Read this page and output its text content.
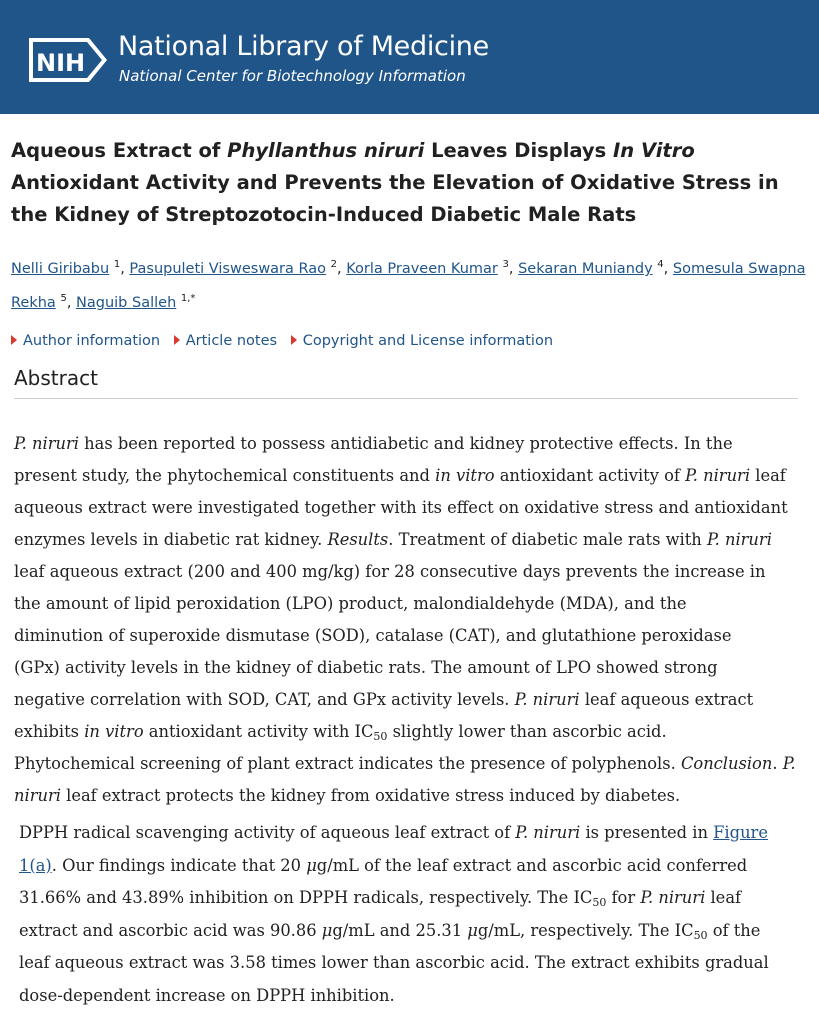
NIH
National Library of Medicine
National Center for Biotechnology Information
Aqueous Extract of Phyllanthus niruri Leaves Displays In Vitro Antioxidant Activity and Prevents the Elevation of Oxidative Stress in the Kidney of Streptozotocin-Induced Diabetic Male Rats
Nelli Giribabu $^1$, Pasupuleti Visweswara Rao $^2$, Korla Praveen Kumar $^3$, Sekaran Muniandy $^4$, Somesula Swapna
Rekha $^5$, Naguib Salleh $^{1,*}$
Author information Article notes Copyright and License information
Abstract
P. niruri has been reported to possess antidiabetic and kidney protective effects. In the
present study, the phytochemical constituents and in vitro antioxidant activity of P. niruri leaf
aqueous extract were investigated together with its effect on oxidative stress and antioxidant
enzymes levels in diabetic rat kidney. Results. Treatment of diabetic male rats with P. niruri
leaf aqueous extract (200 and 400 mg/kg) for 28 consecutive days prevents the increase in
the amount of lipid peroxidation (LPO) product, malondialdehyde (MDA), and the
diminution of superoxide dismutase (SOD), catalase (CAT), and glutathione peroxidase
(GPx) activity levels in the kidney of diabetic rats. The amount of LPO showed strong
negative correlation with SOD, CAT, and GPx activity levels. P. niruri leaf aqueous extract
exhibits in vitro antioxidant activity with $IC_{50}$ slightly lower than ascorbic acid.
Phytochemical screening of plant extract indicates the presence of polyphenols. Conclusion. P.
niruri leaf extract protects the kidney from oxidative stress induced by diabetes.
DPPH radical scavenging activity of aqueous leaf extract of P. niruri is presented in Figure
1(a). Our findings indicate that 20 μg/mL of the leaf extract and ascorbic acid conferred
31.66% and 43.89% inhibition on DPPH radicals, respectively. The $IC_{50}$ for P. niruri leaf
extract and ascorbic acid was 90.86 μg/mL and 25.31 μg/mL, respectively. The $IC_{50}$ of the
leaf aqueous extract was 3.58 times lower than ascorbic acid. The extract exhibits gradual
dose-dependent increase on DPPH inhibition.
